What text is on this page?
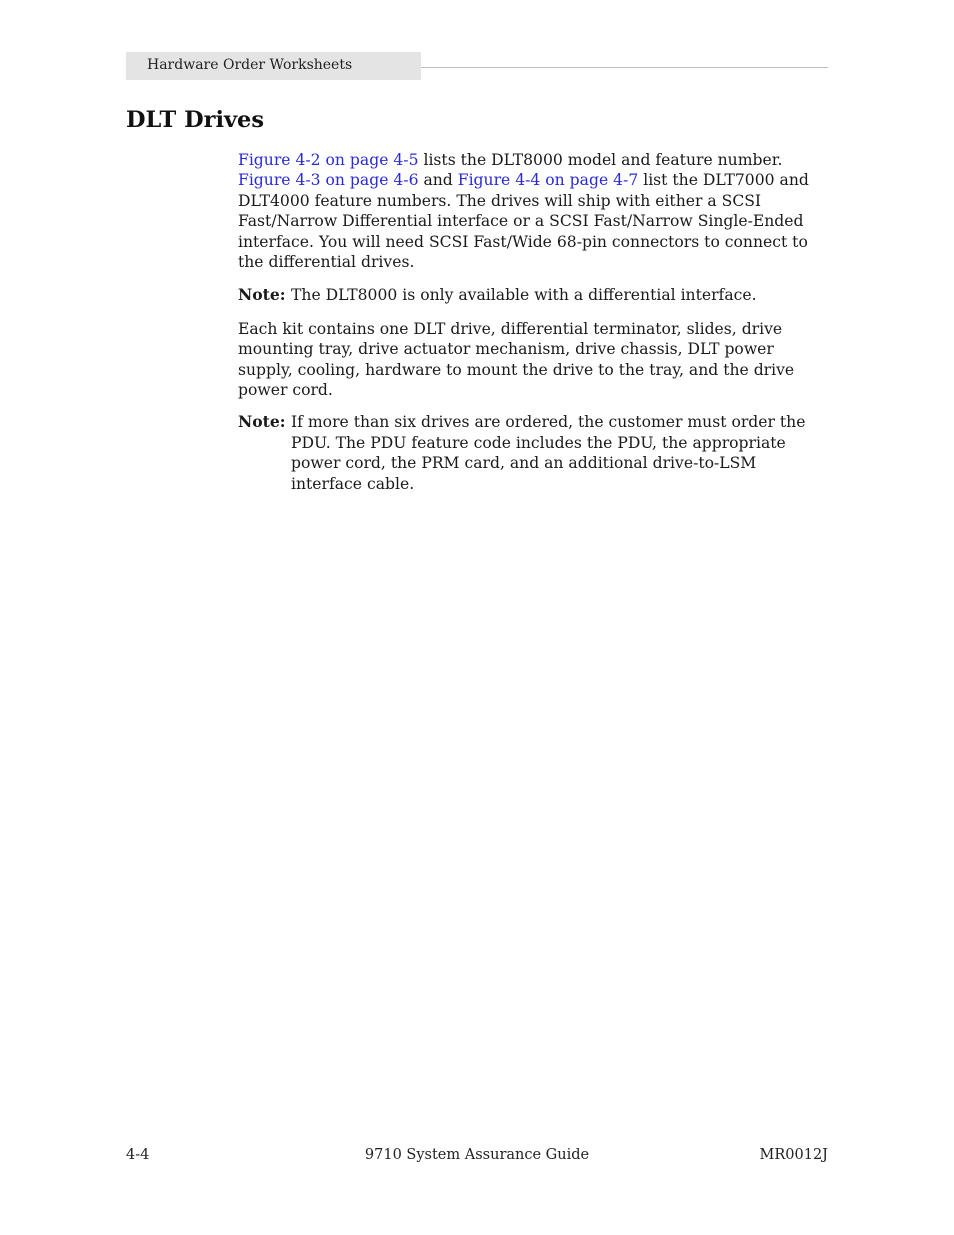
Hardware Order Worksheets
DLT Drives

Figure 4-2 on page 4-5 lists the DLT8000 model and feature number. Figure 4-3 on page 4-6 and Figure 4-4 on page 4-7 list the DLT7000 and DLT4000 feature numbers. The drives will ship with either a SCSI Fast/Narrow Differential interface or a SCSI Fast/Narrow Single-Ended interface. You will need SCSI Fast/Wide 68-pin connectors to connect to the differential drives.

Note: The DLT8000 is only available with a differential interface.

Each kit contains one DLT drive, differential terminator, slides, drive mounting tray, drive actuator mechanism, drive chassis, DLT power supply, cooling, hardware to mount the drive to the tray, and the drive power cord.

Note: If more than six drives are ordered, the customer must order the PDU. The PDU feature code includes the PDU, the appropriate power cord, the PRM card, and an additional drive-to-LSM interface cable.
4-4	9710 System Assurance Guide	MR0012J
